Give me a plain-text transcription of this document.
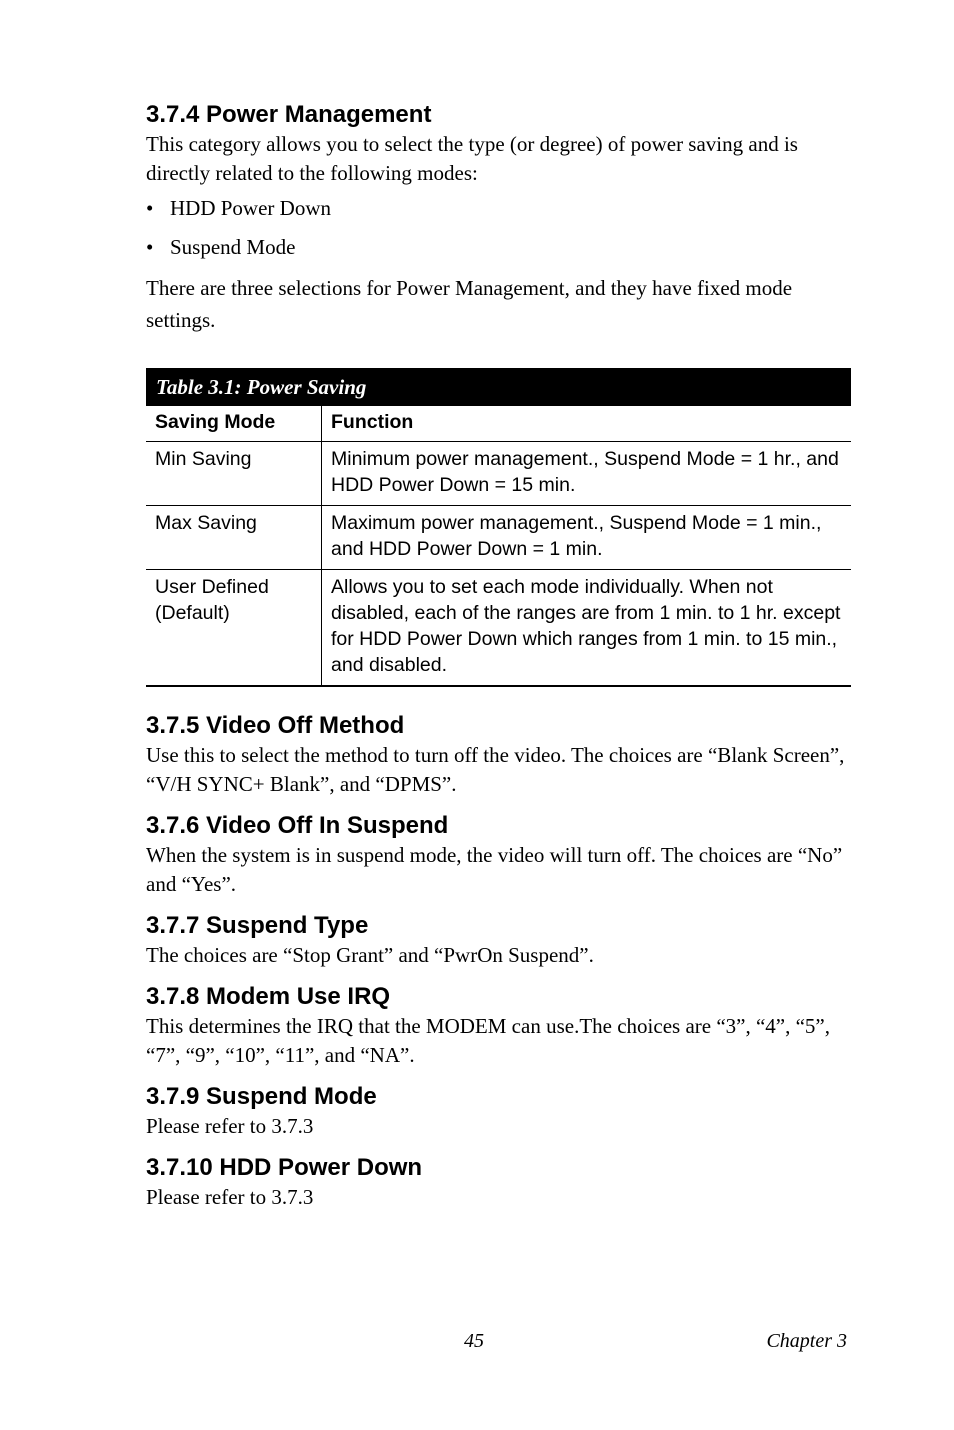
3.7.4 Power Management

This category allows you to select the type (or degree) of power saving and is directly related to the following modes:

• HDD Power Down
• Suspend Mode

There are three selections for Power Management, and they have fixed mode settings.

Table 3.1: Power Saving
Saving Mode	Function
Min Saving	Minimum power management., Suspend Mode = 1 hr., and HDD Power Down = 15 min.
Max Saving	Maximum power management., Suspend Mode = 1 min., and HDD Power Down = 1 min.
User Defined (Default)	Allows you to set each mode individually. When not disabled, each of the ranges are from 1 min. to 1 hr. except for HDD Power Down which ranges from 1 min. to 15 min., and disabled.
3.7.5 Video Off Method

Use this to select the method to turn off the video. The choices are “Blank Screen”, “V/H SYNC+ Blank”, and “DPMS”.

3.7.6 Video Off In Suspend

When the system is in suspend mode, the video will turn off. The choices are “No” and “Yes”.

3.7.7 Suspend Type

The choices are “Stop Grant” and “PwrOn Suspend”.

3.7.8 Modem Use IRQ

This determines the IRQ that the MODEM can use.The choices are “3”, “4”, “5”, “7”, “9”, “10”, “11”, and “NA”.

3.7.9 Suspend Mode

Please refer to 3.7.3

3.7.10 HDD Power Down

Please refer to 3.7.3

45	Chapter 3
